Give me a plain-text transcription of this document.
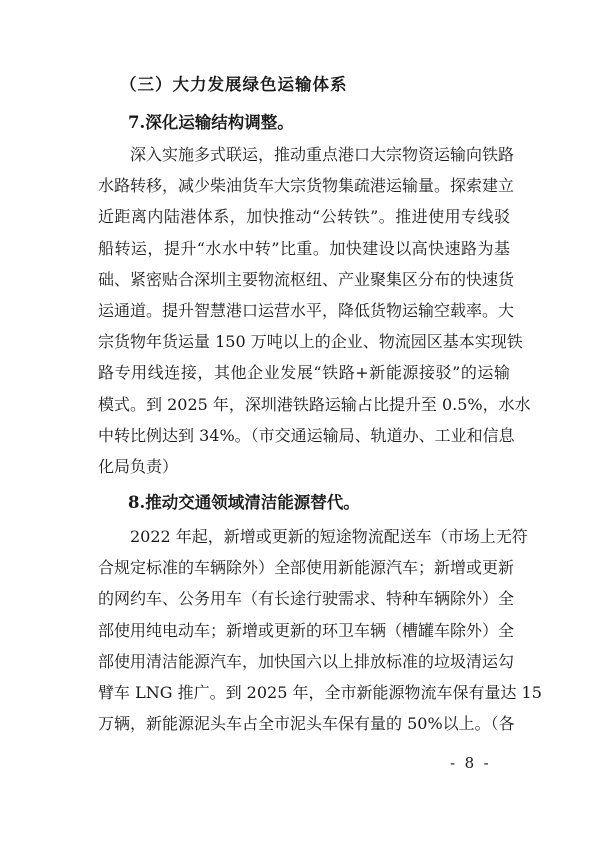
（三）大力发展绿色运输体系
7.深化运输结构调整。
深入实施多式联运，推动重点港口大宗物资运输向铁路
水路转移，减少柴油货车大宗货物集疏港运输量。探索建立
近距离内陆港体系，加快推动“公转铁”。推进使用专线驳
船转运，提升“水水中转”比重。加快建设以高快速路为基
础、紧密贴合深圳主要物流枢纽、产业聚集区分布的快速货
运通道。提升智慧港口运营水平，降低货物运输空载率。大
宗货物年货运量 150 万吨以上的企业、物流园区基本实现铁
路专用线连接，其他企业发展“铁路+新能源接驳”的运输
模式。到 2025 年，深圳港铁路运输占比提升至 0.5%，水水
中转比例达到 34%。（市交通运输局、轨道办、工业和信息
化局负责）
8.推动交通领域清洁能源替代。
2022 年起，新增或更新的短途物流配送车（市场上无符
合规定标准的车辆除外）全部使用新能源汽车；新增或更新
的网约车、公务用车（有长途行驶需求、特种车辆除外）全
部使用纯电动车；新增或更新的环卫车辆（槽罐车除外）全
部使用清洁能源汽车，加快国六以上排放标准的垃圾清运勾
臂车 LNG 推广。到 2025 年，全市新能源物流车保有量达 15
万辆，新能源泥头车占全市泥头车保有量的 50%以上。（各
-  8  -
